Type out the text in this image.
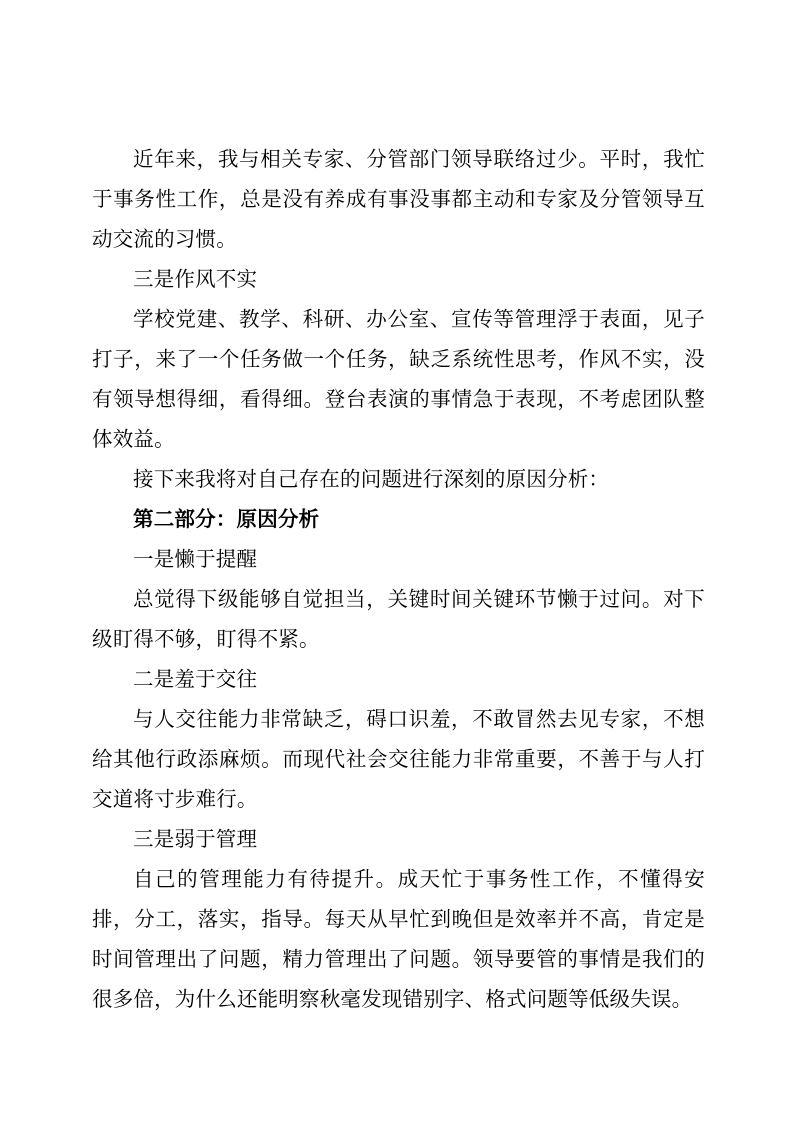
近年来，我与相关专家、分管部门领导联络过少。平时，我忙于事务性工作，总是没有养成有事没事都主动和专家及分管领导互动交流的习惯。

三是作风不实

学校党建、教学、科研、办公室、宣传等管理浮于表面，见子打子，来了一个任务做一个任务，缺乏系统性思考，作风不实，没有领导想得细，看得细。登台表演的事情急于表现，不考虑团队整体效益。

接下来我将对自己存在的问题进行深刻的原因分析：

第二部分：原因分析

一是懒于提醒

总觉得下级能够自觉担当，关键时间关键环节懒于过问。对下级盯得不够，盯得不紧。

二是羞于交往

与人交往能力非常缺乏，碍口识羞，不敢冒然去见专家，不想给其他行政添麻烦。而现代社会交往能力非常重要，不善于与人打交道将寸步难行。

三是弱于管理

自己的管理能力有待提升。成天忙于事务性工作，不懂得安排，分工，落实，指导。每天从早忙到晚但是效率并不高，肯定是时间管理出了问题，精力管理出了问题。领导要管的事情是我们的很多倍，为什么还能明察秋毫发现错别字、格式问题等低级失误。
